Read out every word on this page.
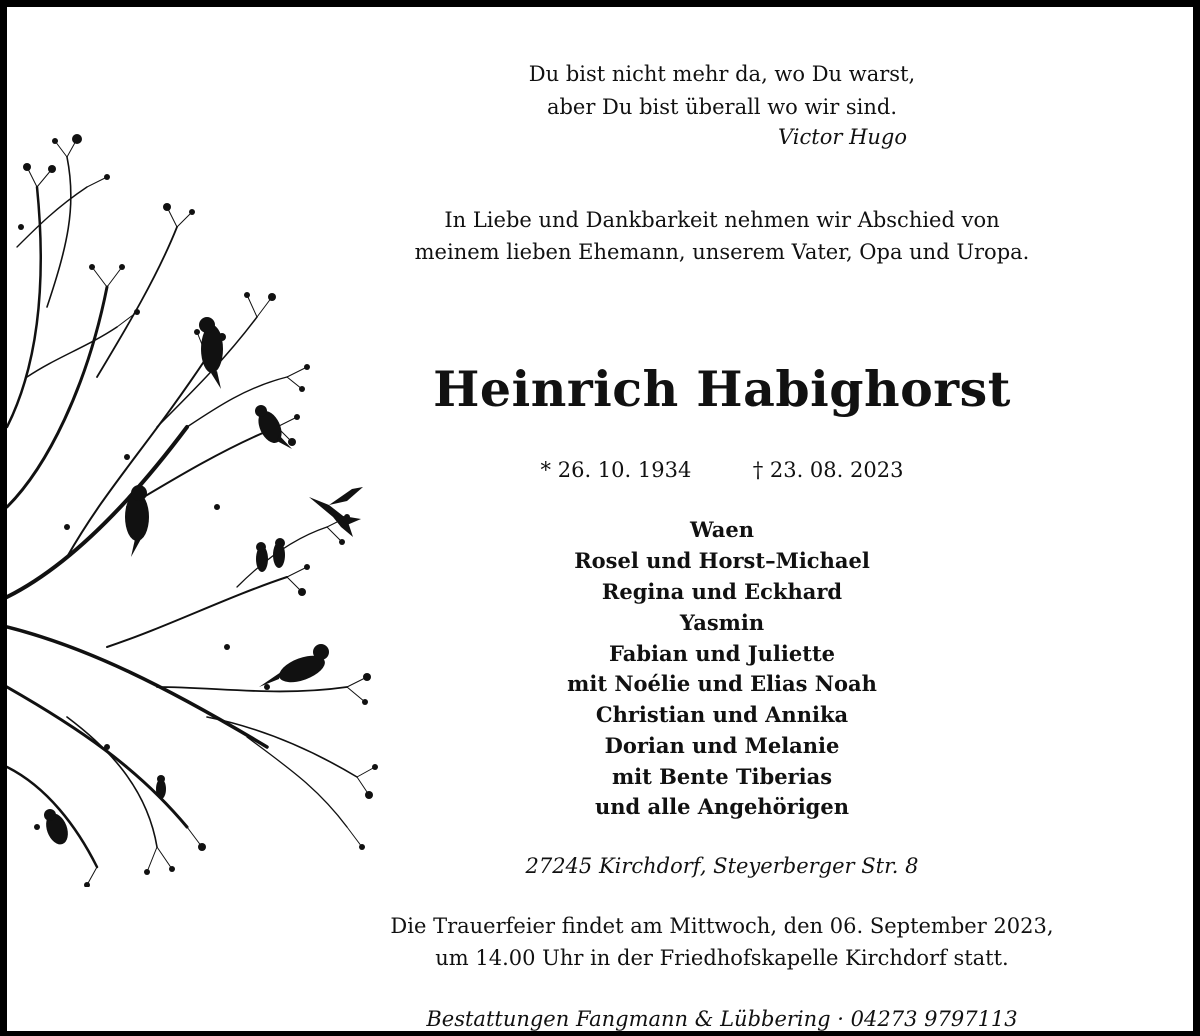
Du bist nicht mehr da, wo Du warst,
aber Du bist überall wo wir sind.
Victor Hugo
In Liebe und Dankbarkeit nehmen wir Abschied von
meinem lieben Ehemann, unserem Vater, Opa und Uropa.
Heinrich Habighorst
* 26. 10. 1934	† 23. 08. 2023
Waen
Rosel und Horst–Michael
Regina und Eckhard
Yasmin
Fabian und Juliette
mit Noélie und Elias Noah
Christian und Annika
Dorian und Melanie
mit Bente Tiberias
und alle Angehörigen
27245 Kirchdorf, Steyerberger Str. 8
Die Trauerfeier findet am Mittwoch, den 06. September 2023,
um 14.00 Uhr in der Friedhofskapelle Kirchdorf statt.
Bestattungen Fangmann & Lübbering · 04273 9797113
